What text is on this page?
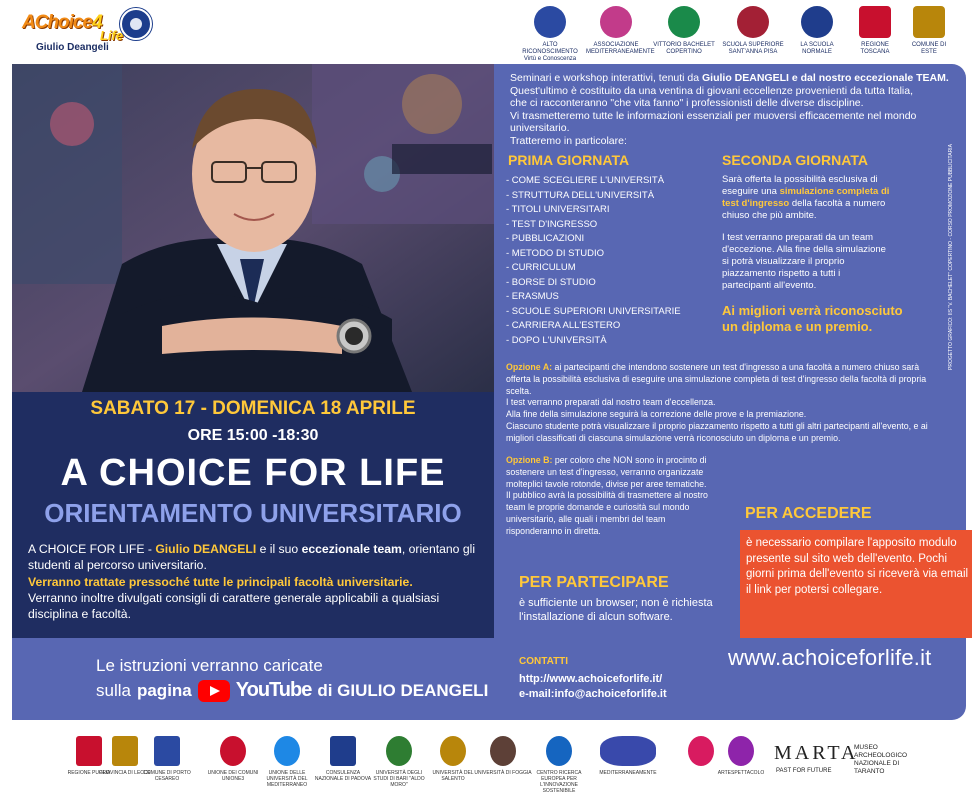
AChoice4
Life
Giulio Deangeli	ALTO RICONOSCIMENTO Virtù e Conoscenza
ASSOCIAZIONE MEDITERRANEAMENTE
VITTORIO BACHELET COPERTINO
SCUOLA SUPERIORE SANT'ANNA PISA
LA SCUOLA NORMALE
REGIONE TOSCANA
COMUNE DI ESTE
Seminari e workshop interattivi, tenuti da Giulio DEANGELI e dal nostro eccezionale TEAM.
Quest'ultimo è costituito da una ventina di giovani eccellenze provenienti da tutta Italia,
che ci racconteranno "che vita fanno" i professionisti delle diverse discipline.
Vi trasmetteremo tutte le informazioni essenziali per muoversi efficacemente nel mondo universitario.
Tratteremo in particolare:
PRIMA GIORNATA
- COME SCEGLIERE L'UNIVERSITÀ
- STRUTTURA DELL'UNIVERSITÀ
- TITOLI UNIVERSITARI
- TEST D'INGRESSO
- PUBBLICAZIONI
- METODO DI STUDIO
- CURRICULUM
- BORSE DI STUDIO
- ERASMUS
- SCUOLE SUPERIORI UNIVERSITARIE
- CARRIERA ALL'ESTERO
- DOPO L'UNIVERSITÀ
SECONDA GIORNATA

Sarà offerta la possibilità esclusiva di eseguire una simulazione completa di test d'ingresso della facoltà a numero chiuso che più ambite.

I test verranno preparati da un team d'eccezione. Alla fine della simulazione si potrà visualizzare il proprio piazzamento rispetto a tutti i partecipanti all'evento.

Ai migliori verrà riconosciuto un diploma e un premio.	PROGETTO GRAFICO: IIS "V. BACHELET" COPERTINO - CORSO PROMOZIONE PUBBLICITARIA
Opzione A: ai partecipanti che intendono sostenere un test d'ingresso a una facoltà a numero chiuso sarà offerta la possibilità esclusiva di eseguire una simulazione completa di test d'ingresso della facoltà di propria scelta.
I test verranno preparati dal nostro team d'eccellenza.
Alla fine della simulazione seguirà la correzione delle prove e la premiazione.
Ciascuno studente potrà visualizzare il proprio piazzamento rispetto a tutti gli altri partecipanti all'evento, e ai migliori classificati di ciascuna simulazione verrà riconosciuto un diploma e un premio.
Opzione B: per coloro che NON sono in procinto di sostenere un test d'ingresso, verranno organizzate molteplici tavole rotonde, divise per aree tematiche.
Il pubblico avrà la possibilità di trasmettere al nostro team le proprie domande e curiosità sul mondo universitario, alle quali i membri del team risponderanno in diretta.
PER PARTECIPARE
è sufficiente un browser; non è richiesta l'installazione di alcun software.
CONTATTI
http://www.achoiceforlife.it/
e-mail:info@achoiceforlife.it
PER ACCEDERE
è necessario compilare l'apposito modulo presente sul sito web dell'evento. Pochi giorni prima dell'evento si riceverà via email il link per potersi collegare.
www.achoiceforlife.it
SABATO 17 - DOMENICA 18 APRILE
ORE 15:00 -18:30
A CHOICE FOR LIFE
ORIENTAMENTO UNIVERSITARIO
A CHOICE FOR LIFE - Giulio DEANGELI e il suo eccezionale team, orientano gli studenti al percorso universitario.
Verranno trattate pressoché tutte le principali facoltà universitarie.
Verranno inoltre divulgati consigli di carattere generale applicabili a qualsiasi disciplina e facoltà.
Le istruzioni verranno caricate
sulla pagina YouTube di GIULIO DEANGELI
REGIONE PUGLIA
PROVINCIA DI LECCE
COMUNE DI PORTO CESAREO
UNIONE DEI COMUNI UNIONE3
UNIONE DELLE UNIVERSITÀ DEL MEDITERRANEO
CONSULENZA NAZIONALE DI PADOVA
UNIVERSITÀ DEGLI STUDI DI BARI "ALDO MORO"
UNIVERSITÀ DEL SALENTO
UNIVERSITÀ DI FOGGIA CENTRO RICERCA EUROPEA PER L'INNOVAZIONE SOSTENIBILE
MEDITERRANEAMENTE	ARTESPETTACOLO
MARTA
PAST FOR FUTURE
MUSEO ARCHEOLOGICO NAZIONALE DI TARANTO
